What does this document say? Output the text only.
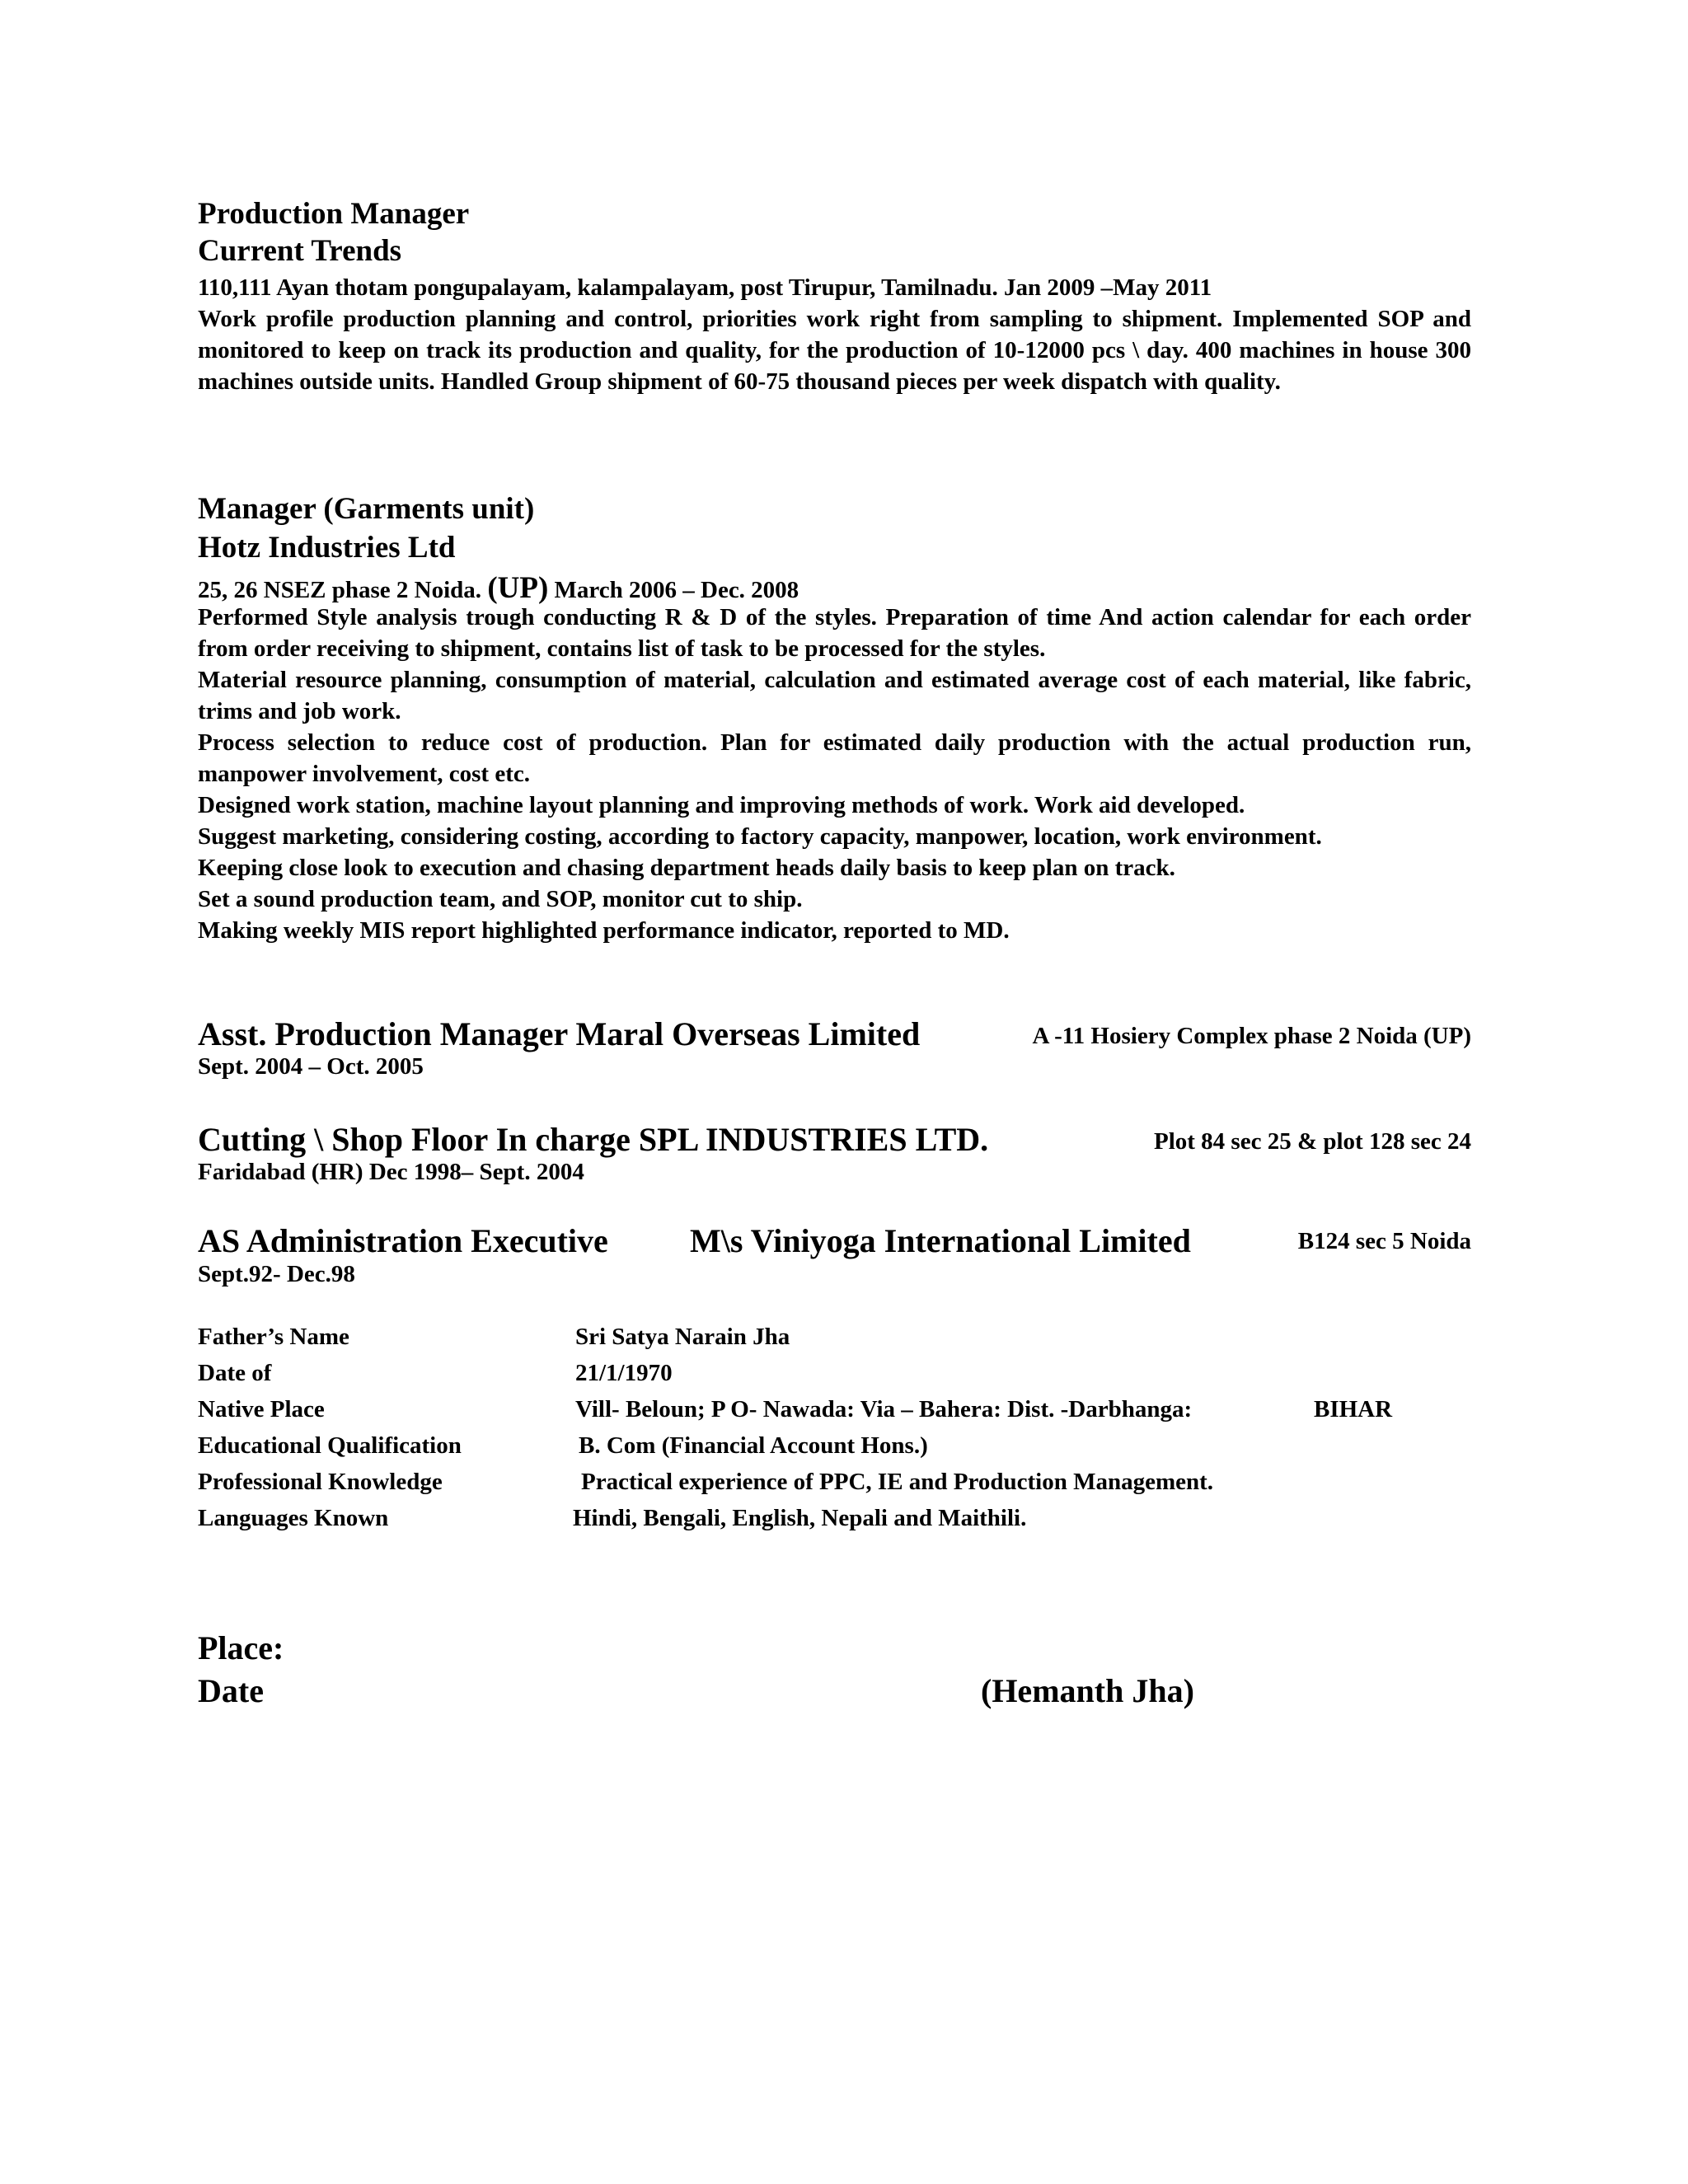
Production Manager
Current Trends
110,111 Ayan thotam pongupalayam, kalampalayam, post Tirupur, Tamilnadu. Jan 2009 –May 2011

Work profile production planning and control, priorities work right from sampling to shipment. Implemented SOP and monitored to keep on track its production and quality, for the production of 10-12000 pcs \ day. 400 machines in house 300 machines outside units. Handled Group shipment of 60-75 thousand pieces per week dispatch with quality.

Manager (Garments unit)
Hotz Industries Ltd
25, 26 NSEZ phase 2 Noida. (UP) March 2006 – Dec. 2008

Performed Style analysis trough conducting R & D of the styles. Preparation of time And action calendar for each order from order receiving to shipment, contains list of task to be processed for the styles.

Material resource planning, consumption of material, calculation and estimated average cost of each material, like fabric, trims and job work.

Process selection to reduce cost of production. Plan for estimated daily production with the actual production run, manpower involvement, cost etc.

Designed work station, machine layout planning and improving methods of work. Work aid developed.

Suggest marketing, considering costing, according to factory capacity, manpower, location, work environment.

Keeping close look to execution and chasing department heads daily basis to keep plan on track.

Set a sound production team, and SOP, monitor cut to ship.

Making weekly MIS report highlighted performance indicator, reported to MD.

Asst. Production Manager Maral Overseas Limited	A -11 Hosiery Complex phase 2 Noida (UP)
Sept. 2004 – Oct. 2005
Cutting \ Shop Floor In charge SPL INDUSTRIES LTD.	Plot 84 sec 25 & plot 128 sec 24
Faridabad (HR) Dec 1998– Sept. 2004
AS Administration Executive M\s Viniyoga International Limited	B124 sec 5 Noida
Sept.92- Dec.98
Father’s Name	Sri Satya Narain Jha
Date of	21/1/1970
Native Place	Vill- Beloun; P O- Nawada: Via – Bahera: Dist. -Darbhanga:	BIHAR
Educational Qualification	B. Com (Financial Account Hons.)
Professional Knowledge	Practical experience of PPC, IE and Production Management.
Languages Known	Hindi, Bengali, English, Nepali and Maithili.
Place:
Date	(Hemanth Jha)
